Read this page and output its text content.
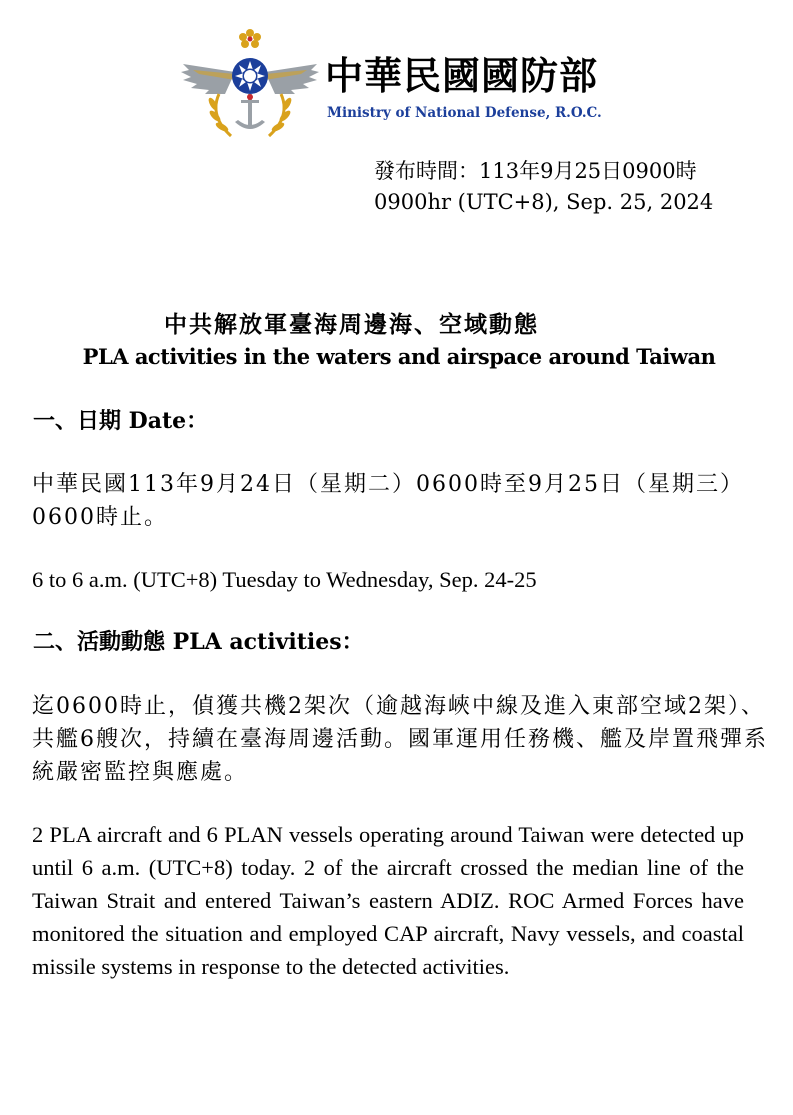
中華民國國防部
Ministry of National Defense, R.O.C.
發布時間：113年9月25日0900時
0900hr (UTC+8), Sep. 25, 2024
中共解放軍臺海周邊海、空域動態
PLA activities in the waters and airspace around Taiwan
一、日期 Date：
中華民國113年9月24日（星期二）0600時至9月25日（星期三）0600時止。
6 to 6 a.m. (UTC+8) Tuesday to Wednesday, Sep. 24-25
二、活動動態 PLA activities：
迄0600時止，偵獲共機2架次（逾越海峽中線及進入東部空域2架）、共艦6艘次，持續在臺海周邊活動。國軍運用任務機、艦及岸置飛彈系統嚴密監控與應處。
2 PLA aircraft and 6 PLAN vessels operating around Taiwan were detected up until 6 a.m. (UTC+8) today. 2 of the aircraft crossed the median line of the Taiwan Strait and entered Taiwan’s eastern ADIZ. ROC Armed Forces have monitored the situation and employed CAP aircraft, Navy vessels, and coastal missile systems in response to the detected activities.
